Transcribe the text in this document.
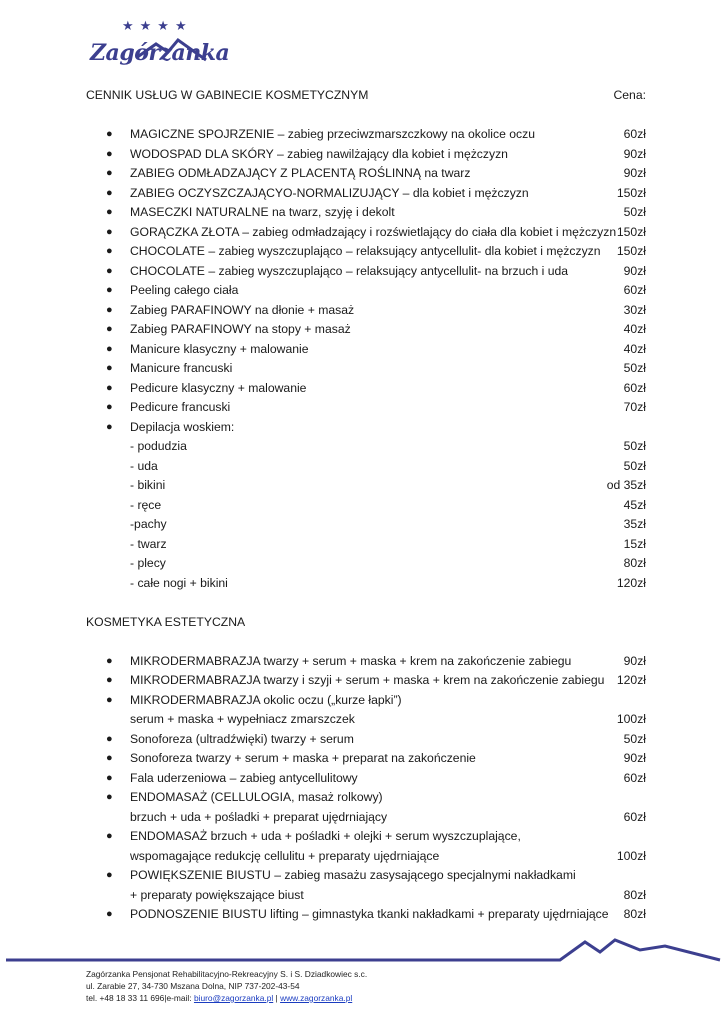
★★★★
Zagórzanka
CENNIK USŁUG W GABINECIE KOSMETYCZNYM	Cena:
● MAGICZNE SPOJRZENIE – zabieg przeciwzmarszczkowy na okolice oczu	60zł
● WODOSPAD DLA SKÓRY – zabieg nawilżający dla kobiet i mężczyzn	90zł
● ZABIEG ODMŁADZAJĄCY Z PLACENTĄ ROŚLINNĄ na twarz	90zł
● ZABIEG OCZYSZCZAJĄCYO-NORMALIZUJĄCY – dla kobiet i mężczyzn	150zł
● MASECZKI NATURALNE na twarz, szyję i dekolt	50zł
● GORĄCZKA ZŁOTA – zabieg odmładzający i rozświetlający do ciała dla kobiet i mężczyzn 150zł
● CHOCOLATE – zabieg wyszczuplająco – relaksujący antycellulit- dla kobiet i mężczyzn 150zł
● CHOCOLATE – zabieg wyszczuplająco – relaksujący antycellulit- na brzuch i uda	90zł
● Peeling całego ciała	60zł
● Zabieg PARAFINOWY na dłonie + masaż	30zł
● Zabieg PARAFINOWY na stopy + masaż	40zł
● Manicure klasyczny + malowanie	40zł
● Manicure francuski	50zł
● Pedicure klasyczny + malowanie	60zł
● Pedicure francuski	70zł
● Depilacja woskiem:
- podudzia	50zł
- uda	50zł
- bikini	od 35zł
- ręce	45zł
-pachy	35zł
- twarz	15zł
- plecy	80zł
- całe nogi + bikini	120zł
KOSMETYKA ESTETYCZNA
● MIKRODERMABRAZJA twarzy + serum + maska + krem na zakończenie zabiegu	90zł
● MIKRODERMABRAZJA twarzy i szyji + serum + maska + krem na zakończenie zabiegu 120zł
● MIKRODERMABRAZJA okolic oczu („kurze łapki”)
serum + maska + wypełniacz zmarszczek	100zł
● Sonoforeza (ultradźwięki) twarzy + serum	50zł
● Sonoforeza twarzy + serum + maska + preparat na zakończenie	90zł
● Fala uderzeniowa – zabieg antycellulitowy	60zł
● ENDOMASAŻ (CELLULOGIA, masaż rolkowy)
brzuch + uda + pośladki + preparat ujędrniający	60zł
● ENDOMASAŻ brzuch + uda + pośladki + olejki + serum wyszczuplające,
wspomagające redukcję cellulitu + preparaty ujędrniające	100zł
● POWIĘKSZENIE BIUSTU – zabieg masażu zasysającego specjalnymi nakładkami
+ preparaty powiększające biust	80zł
● PODNOSZENIE BIUSTU lifting – gimnastyka tkanki nakładkami + preparaty ujędrniające 80zł
Zagórzanka Pensjonat Rehabilitacyjno-Rekreacyjny S. i S. Dziadkowiec s.c.
ul. Zarabie 27, 34-730 Mszana Dolna, NIP 737-202-43-54
tel. +48 18 33 11 696|e-mail: biuro@zagorzanka.pl | www.zagorzanka.pl
